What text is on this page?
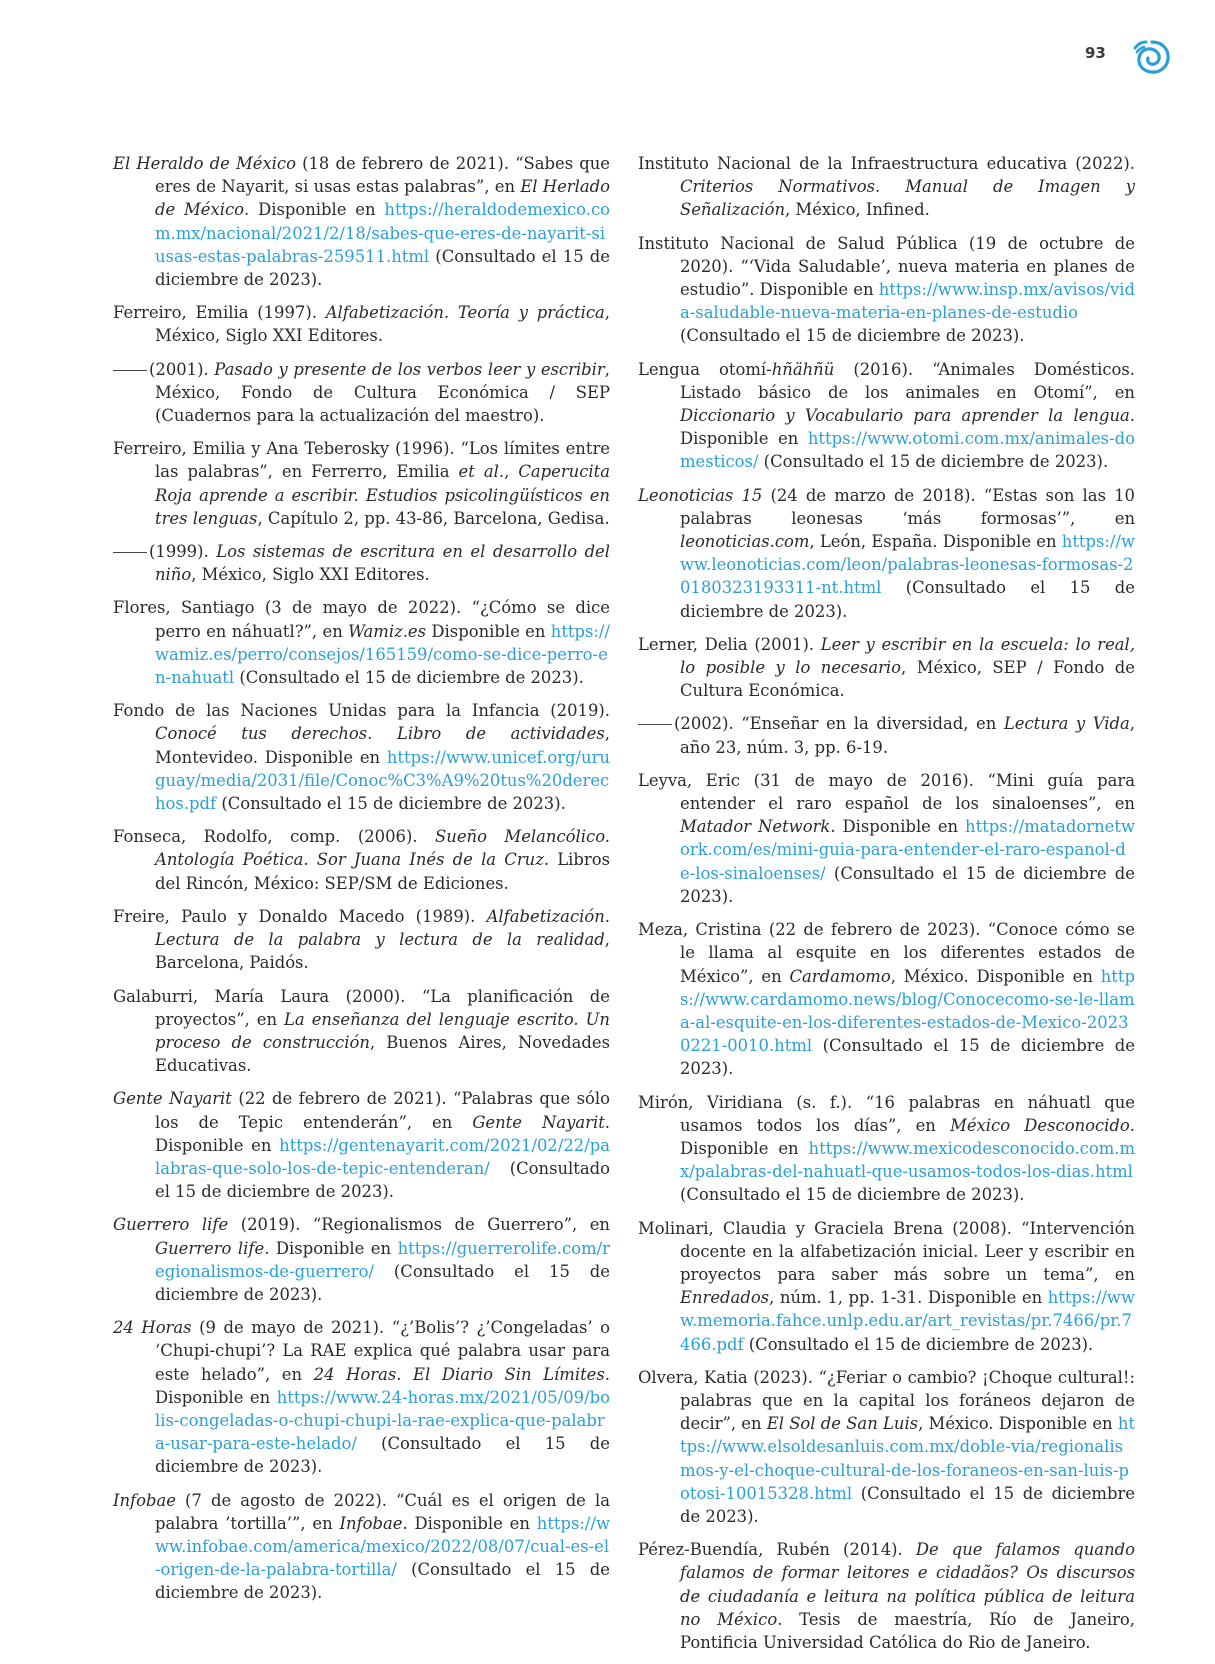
93

El Heraldo de México (18 de febrero de 2021). “Sabes que eres de Nayarit, si usas estas palabras”, en El Herlado de México. Disponible en https://heraldodemexico.com.mx/nacional/2021/2/18/sabes-que-eres-de-nayarit-siusas-estas-palabras-259511.html (Consultado el 15 de diciembre de 2023).

Ferreiro, Emilia (1997). Alfabetización. Teoría y práctica, México, Siglo XXI Editores.

(2001). Pasado y presente de los verbos leer y escribir, México, Fondo de Cultura Económica / SEP (Cuadernos para la actualización del maestro).

Ferreiro, Emilia y Ana Teberosky (1996). “Los límites entre las palabras”, en Ferrerro, Emilia et al., Caperucita Roja aprende a escribir. Estudios psicolingüísticos en tres lenguas, Capítulo 2, pp. 43-86, Barcelona, Gedisa.

(1999). Los sistemas de escritura en el desarrollo del niño, México, Siglo XXI Editores.

Flores, Santiago (3 de mayo de 2022). “¿Cómo se dice perro en náhuatl?”, en Wamiz.es Disponible en https://wamiz.es/perro/consejos/165159/como-se-dice-perro-en-nahuatl (Consultado el 15 de diciembre de 2023).

Fondo de las Naciones Unidas para la Infancia (2019). Conocé tus derechos. Libro de actividades, Montevideo. Disponible en https://www.unicef.org/uruguay/media/2031/file/Conoc%C3%A9%20tus%20derechos.pdf (Consultado el 15 de diciembre de 2023).

Fonseca, Rodolfo, comp. (2006). Sueño Melancólico. Antología Poética. Sor Juana Inés de la Cruz. Libros del Rincón, México: SEP/SM de Ediciones.

Freire, Paulo y Donaldo Macedo (1989). Alfabetización. Lectura de la palabra y lectura de la realidad, Barcelona, Paidós.

Galaburri, María Laura (2000). “La planificación de proyectos”, en La enseñanza del lenguaje escrito. Un proceso de construcción, Buenos Aires, Novedades Educativas.

Gente Nayarit (22 de febrero de 2021). “Palabras que sólo los de Tepic entenderán”, en Gente Nayarit. Disponible en https://gentenayarit.com/2021/02/22/palabras-que-solo-los-de-tepic-entenderan/ (Consultado el 15 de diciembre de 2023).

Guerrero life (2019). “Regionalismos de Guerrero”, en Guerrero life. Disponible en https://guerrerolife.com/regionalismos-de-guerrero/ (Consultado el 15 de diciembre de 2023).

24 Horas (9 de mayo de 2021). “¿’Bolis’? ¿’Congeladas’ o ‘Chupi-chupi’? La RAE explica qué palabra usar para este helado”, en 24 Horas. El Diario Sin Límites. Disponible en https://www.24-horas.mx/2021/05/09/bolis-congeladas-o-chupi-chupi-la-rae-explica-que-palabra-usar-para-este-helado/ (Consultado el 15 de diciembre de 2023).

Infobae (7 de agosto de 2022). “Cuál es el origen de la palabra ’tortilla’”, en Infobae. Disponible en https://www.infobae.com/america/mexico/2022/08/07/cual-es-el-origen-de-la-palabra-tortilla/ (Consultado el 15 de diciembre de 2023).

Instituto Nacional de la Infraestructura educativa (2022). Criterios Normativos. Manual de Imagen y Señalización, México, Infined.

Instituto Nacional de Salud Pública (19 de octubre de 2020). “‘Vida Saludable’, nueva materia en planes de estudio”. Disponible en https://www.insp.mx/avisos/vida-saludable-nueva-materia-en-planes-de-estudio (Consultado el 15 de diciembre de 2023).

Lengua otomí-hñähñü (2016). “Animales Domésticos. Listado básico de los animales en Otomí”, en Diccionario y Vocabulario para aprender la lengua. Disponible en https://www.otomi.com.mx/animales-domesticos/ (Consultado el 15 de diciembre de 2023).

Leonoticias 15 (24 de marzo de 2018). “Estas son las 10 palabras leonesas ‘más formosas’”, en leonoticias.com, León, España. Disponible en https://www.leonoticias.com/leon/palabras-leonesas-formosas-20180323193311-nt.html (Consultado el 15 de diciembre de 2023).

Lerner, Delia (2001). Leer y escribir en la escuela: lo real, lo posible y lo necesario, México, SEP / Fondo de Cultura Económica.

(2002). “Enseñar en la diversidad, en Lectura y Vida, año 23, núm. 3, pp. 6-19.

Leyva, Eric (31 de mayo de 2016). “Mini guía para entender el raro español de los sinaloenses”, en Matador Network. Disponible en https://matadornetwork.com/es/mini-guia-para-entender-el-raro-espanol-de-los-sinaloenses/ (Consultado el 15 de diciembre de 2023).

Meza, Cristina (22 de febrero de 2023). “Conoce cómo se le llama al esquite en los diferentes estados de México”, en Cardamomo, México. Disponible en https://www.cardamomo.news/blog/Conocecomo-se-le-llama-al-esquite-en-los-diferentes-estados-de-Mexico-20230221-0010.html (Consultado el 15 de diciembre de 2023).

Mirón, Viridiana (s. f.). “16 palabras en náhuatl que usamos todos los días”, en México Desconocido. Disponible en https://www.mexicodesconocido.com.mx/palabras-del-nahuatl-que-usamos-todos-los-dias.html (Consultado el 15 de diciembre de 2023).

Molinari, Claudia y Graciela Brena (2008). “Intervención docente en la alfabetización inicial. Leer y escribir en proyectos para saber más sobre un tema”, en Enredados, núm. 1, pp. 1-31. Disponible en https://www.memoria.fahce.unlp.edu.ar/art_revistas/pr.7466/pr.7466.pdf (Consultado el 15 de diciembre de 2023).

Olvera, Katia (2023). “¿Feriar o cambio? ¡Choque cultural!: palabras que en la capital los foráneos dejaron de decir”, en El Sol de San Luis, México. Disponible en https://www.elsoldesanluis.com.mx/doble-via/regionalismos-y-el-choque-cultural-de-los-foraneos-en-san-luis-potosi-10015328.html (Consultado el 15 de diciembre de 2023).

Pérez-Buendía, Rubén (2014). De que falamos quando falamos de formar leitores e cidadãos? Os discursos de ciudadanía e leitura na política pública de leitura no México. Tesis de maestría, Río de Janeiro, Pontificia Universidad Católica do Rio de Janeiro.
